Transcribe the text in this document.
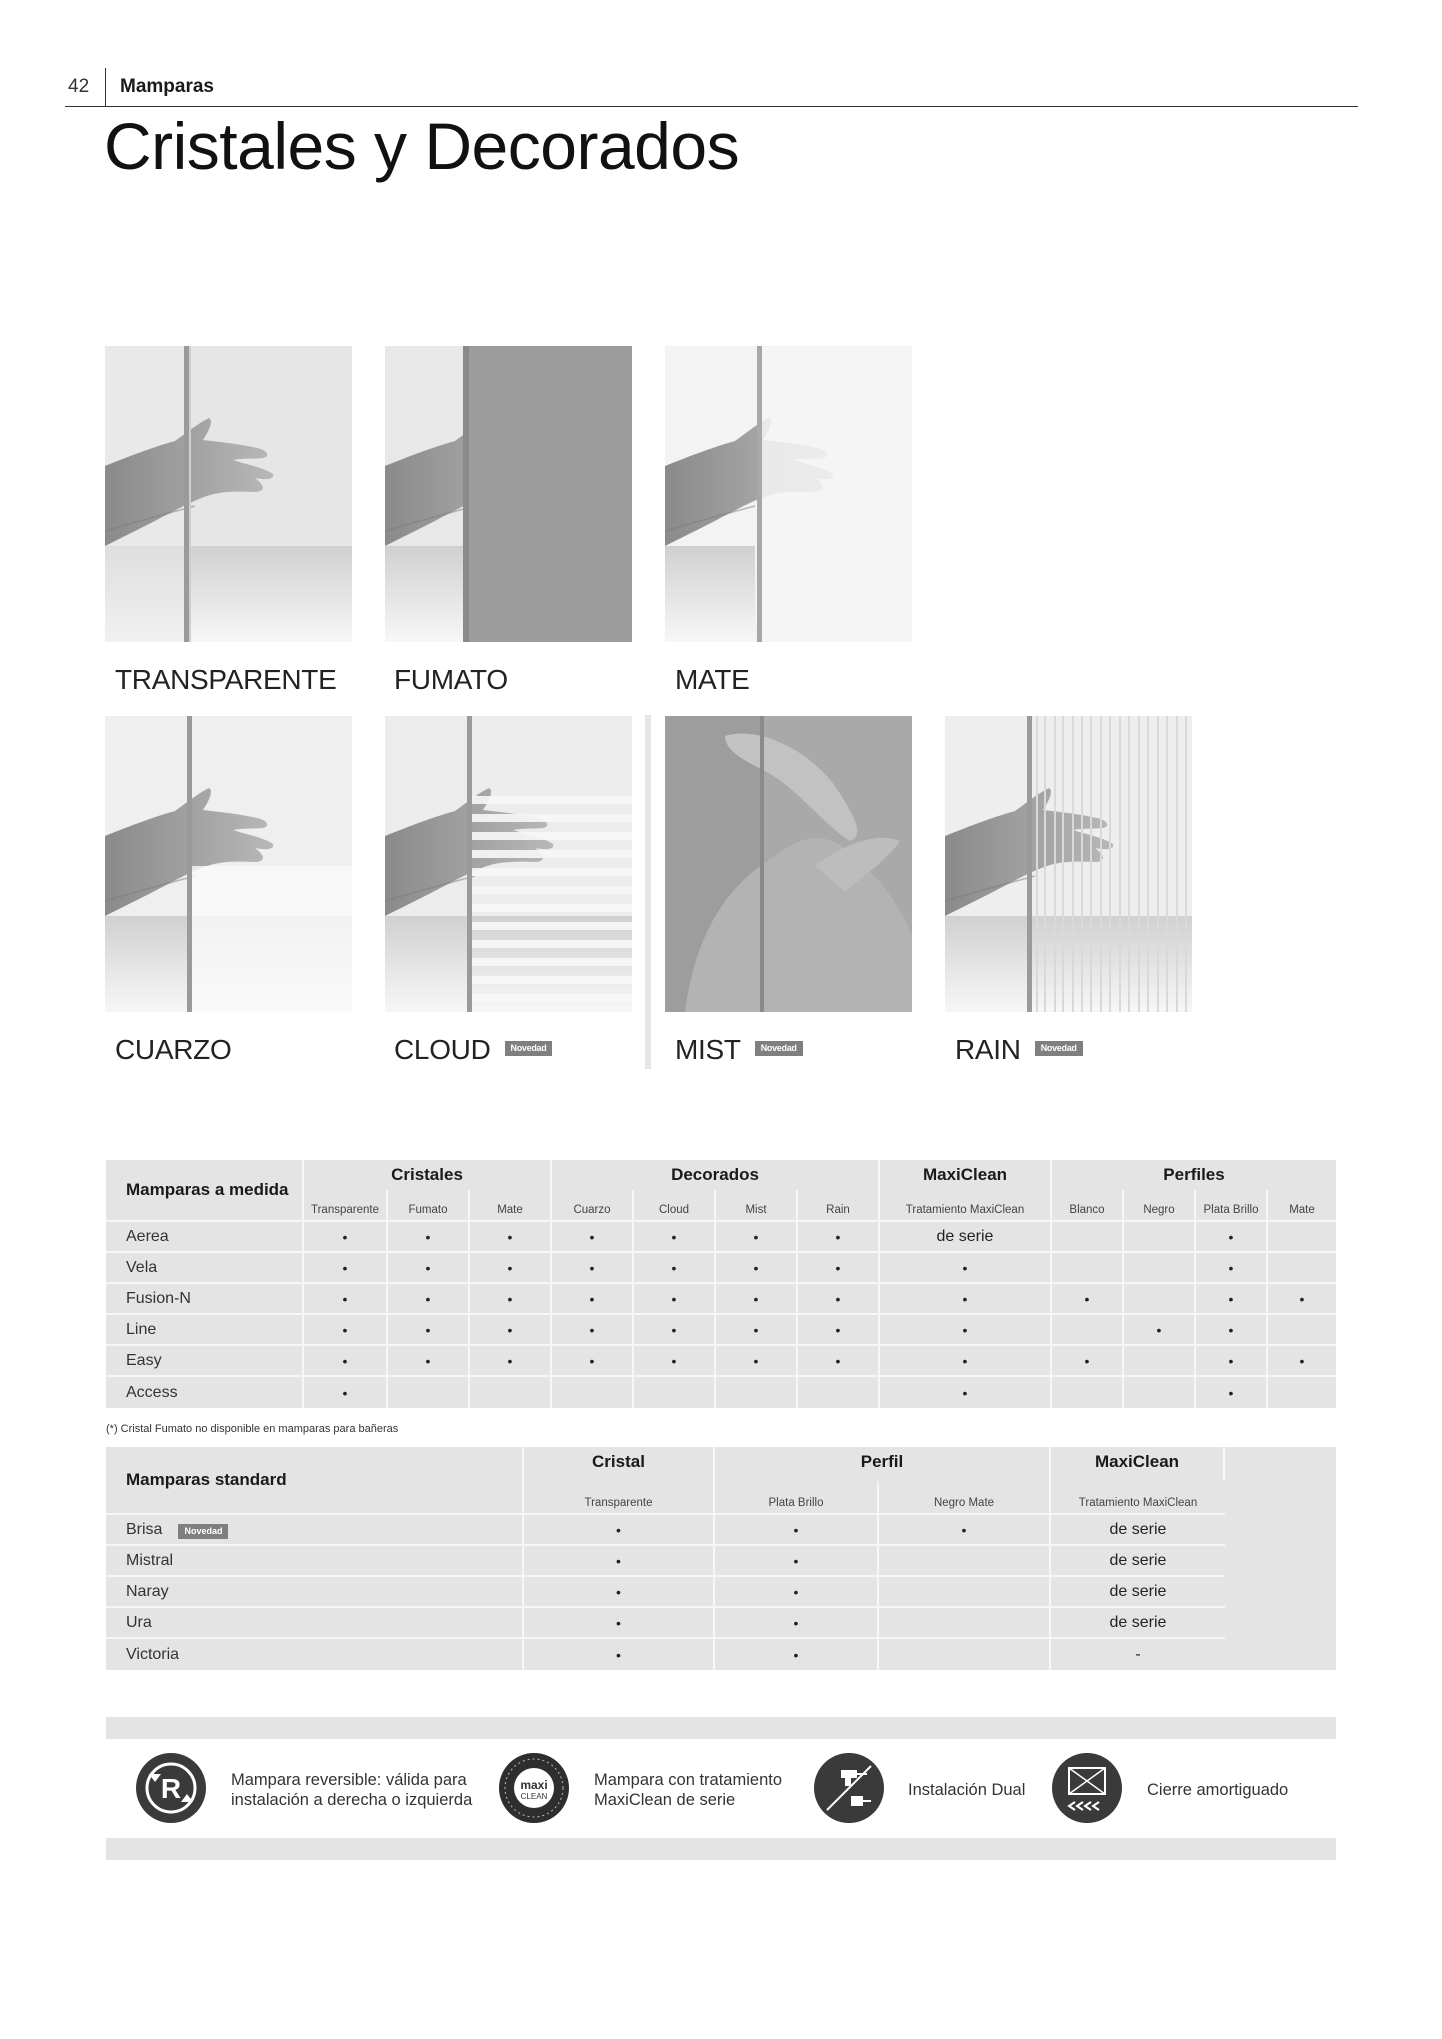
42 Mamparas
Cristales y Decorados
TRANSPARENTE FUMATO	MATE
CUARZO	CLOUD Novedad	MIST Novedad	RAIN Novedad
Mamparas a medida	Cristales			Decorados				MaxiClean	Perfiles			
	Transparente	Fumato	Mate	Cuarzo	Cloud	Mist	Rain	Tratamiento MaxiClean	Blanco	Negro	Plata Brillo	Mate
Aerea	•	•	•	•	•	•	•	de serie			•	
Vela	•	•	•	•	•	•	•	•			•	
Fusion-N	•	•	•	•	•	•	•	•	•		•	•
Line	•	•	•	•	•	•	•	•		•	•	
Easy	•	•	•	•	•	•	•	•	•		•	•
Access	•							•			•	
(*) Cristal Fumato no disponible en mamparas para bañeras
Mamparas standard	Cristal	Perfil		MaxiClean	
	Transparente	Plata Brillo	Negro Mate	Tratamiento MaxiClean	
Brisa Novedad	•	•	•	de serie	
Mistral	•	•		de serie	
Naray	•	•		de serie	
Ura	•	•		de serie	
Victoria	•	•		-	
R	Mampara reversible: válida para
instalación a derecha o izquierda
maxi
CLEAN
Mampara con tratamiento
MaxiClean de serie
Instalación Dual	Cierre amortiguado
